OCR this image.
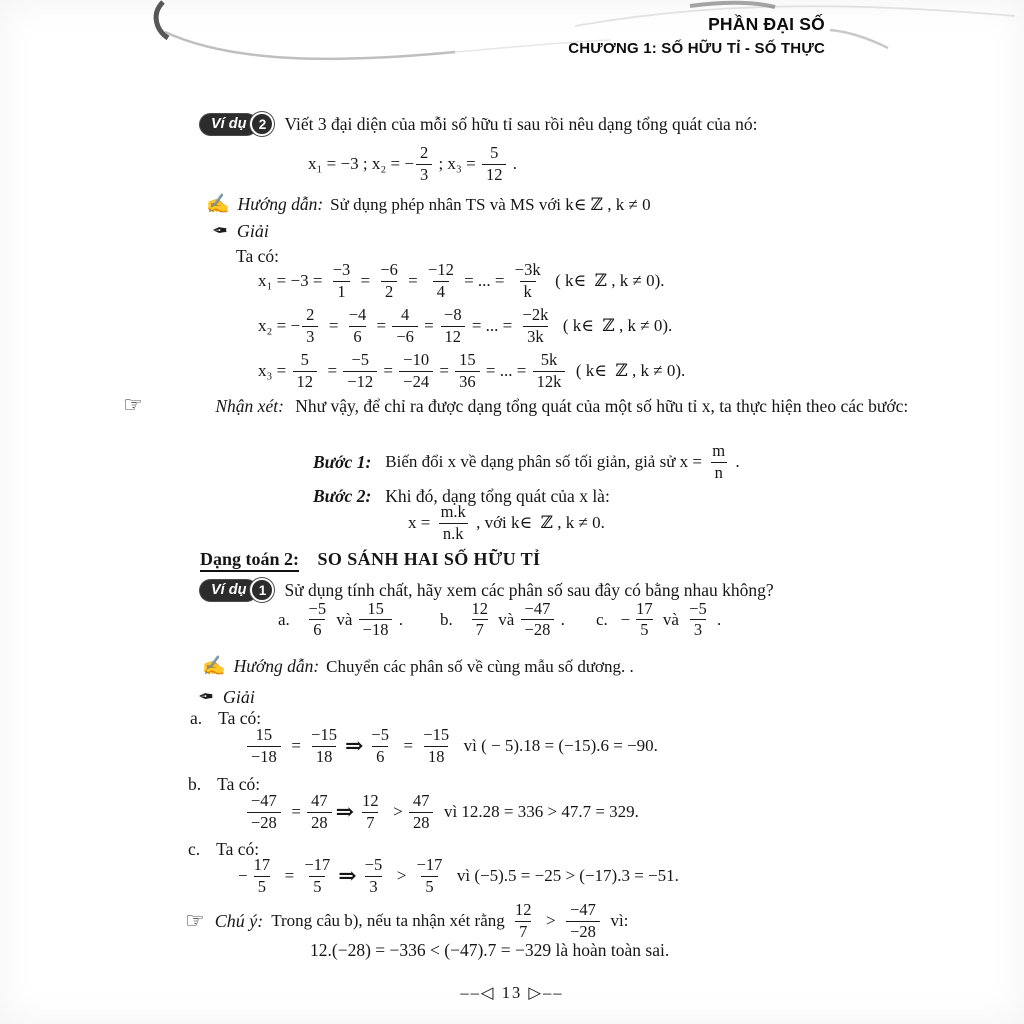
PHẦN ĐẠI SỐ
CHƯƠNG 1: SỐ HỮU TỈ - SỐ THỰC
Ví dụ 2	Viết 3 đại diện của mỗi số hữu tỉ sau rồi nêu dạng tổng quát của nó:
x₁ = −3 ; x₂ = − $\frac{2}{3}$ ; $x_3 = \frac{5}{12}$ .
✍ Hướng dẫn: Sử dụng phép nhân TS và MS với k∈ ℤ , k ≠ 0
✒ Giải
Ta có:
$x_1 = -3 = \frac{-3}{1} = \frac{-6}{2} = \frac{-12}{4}$ = ... = $\frac{-3k}{k}$ ( k∈  ℤ , k ≠ 0).
x₂ = − $\frac{2}{3} = \frac{-4}{6} = \frac{4}{-6} = \frac{-8}{12}$ = ... = $\frac{-2k}{3k}$ ( k∈  ℤ , k ≠ 0).
$x_3 = \frac{5}{12} = \frac{-5}{-12} = \frac{-10}{-24} = \frac{15}{36}$ = ... = $\frac{5k}{12k}$ ( k∈  ℤ , k ≠ 0).
☞	Nhận xét: Như vậy, để chỉ ra được dạng tổng quát của một số hữu tỉ x, ta thực hiện theo các bước:
Bước 1: Biến đổi x về dạng phân số tối giản, giả sử $x = \frac{m}{n}$ .
Bước 2: Khi đó, dạng tổng quát của x là:
$x = \frac{m.k}{n.k}$ , với k∈  ℤ , k ≠ 0.
Dạng toán 2: SO SÁNH HAI SỐ HỮU TỈ
Ví dụ 1	Sử dụng tính chất, hãy xem các phân số sau đây có bằng nhau không?
a. $\frac{-5}{6}$ và $\frac{15}{-18}$ . b. $\frac{12}{7}$ và $\frac{-47}{-28}$ . c.   − $\frac{17}{5}$ và $\frac{-5}{3}$ .
✍ Hướng dẫn: Chuyển các phân số về cùng mẫu số dương. .
✒ Giải
a. Ta có:
$\frac{15}{-18} = \frac{-15}{18}$ ⇒ $\frac{-5}{6} = \frac{-15}{18}$ vì ( − 5).18 = (−15).6 = −90.
b. Ta có:
$\frac{-47}{-28} = \frac{47}{28}$ ⇒ $\frac{12}{7} > \frac{47}{28}$ vì 12.28 = 336 > 47.7 = 329.
c. Ta có:
− $\frac{17}{5} = \frac{-17}{5}$ ⇒ $\frac{-5}{3} > \frac{-17}{5}$ vì (−5).5 = −25 > (−17).3 = −51.
☞ Chú ý: Trong câu b), nếu ta nhận xét rằng $\frac{12}{7} > \frac{-47}{-28}$ vì:
12.(−28) = −336 < (−47).7 = −329 là hoàn toàn sai.
––◁ 13 ▷––
